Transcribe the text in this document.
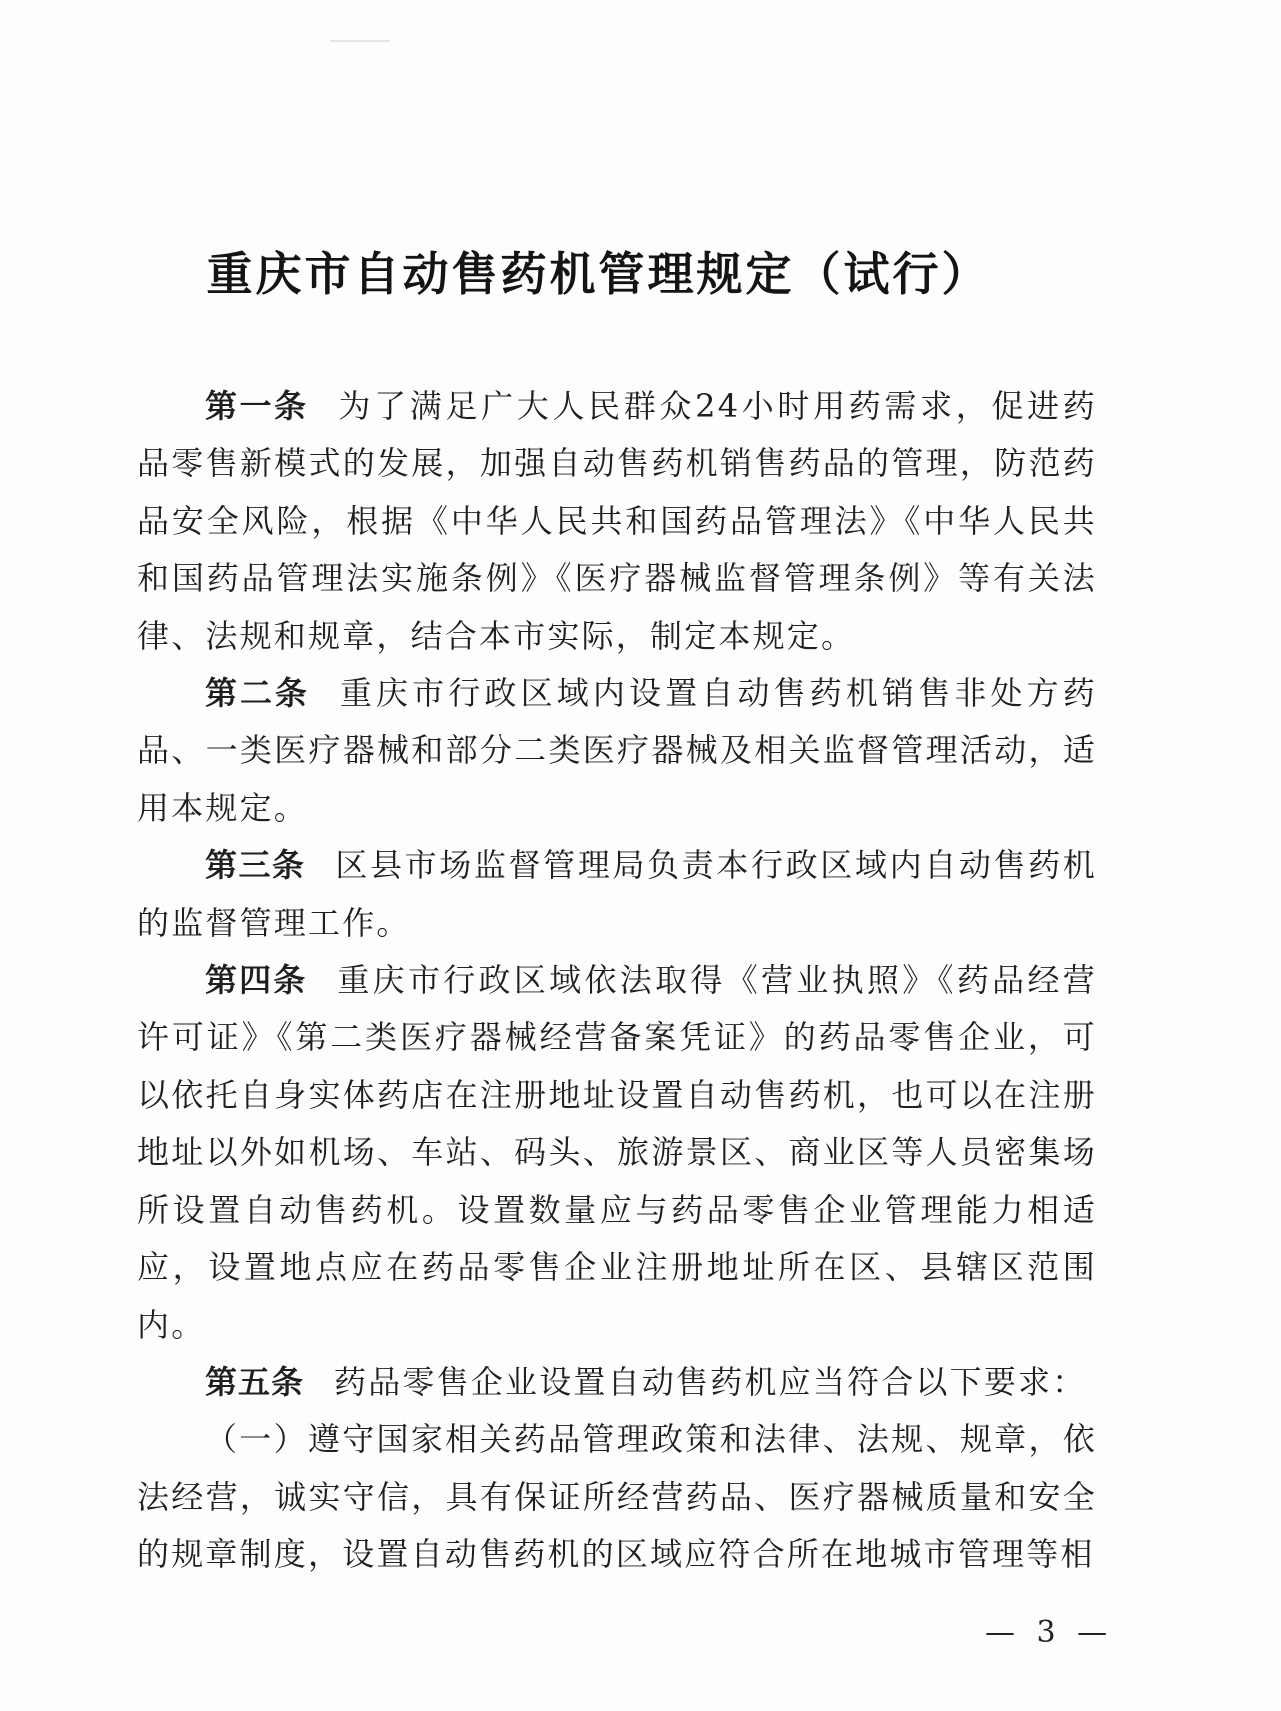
重庆市自动售药机管理规定（试行）

第一条 为了满足广大人民群众24小时用药需求，促进药品零售新模式的发展，加强自动售药机销售药品的管理，防范药品安全风险，根据《中华人民共和国药品管理法》《中华人民共和国药品管理法实施条例》《医疗器械监督管理条例》等有关法律、法规和规章，结合本市实际，制定本规定。

第二条 重庆市行政区域内设置自动售药机销售非处方药品、一类医疗器械和部分二类医疗器械及相关监督管理活动，适用本规定。

第三条 区县市场监督管理局负责本行政区域内自动售药机的监督管理工作。

第四条 重庆市行政区域依法取得《营业执照》《药品经营许可证》《第二类医疗器械经营备案凭证》的药品零售企业，可以依托自身实体药店在注册地址设置自动售药机，也可以在注册地址以外如机场、车站、码头、旅游景区、商业区等人员密集场所设置自动售药机。设置数量应与药品零售企业管理能力相适应，设置地点应在药品零售企业注册地址所在区、县辖区范围内。

第五条 药品零售企业设置自动售药机应当符合以下要求：

（一）遵守国家相关药品管理政策和法律、法规、规章，依法经营，诚实守信，具有保证所经营药品、医疗器械质量和安全的规章制度，设置自动售药机的区域应符合所在地城市管理等相

— 3 —
